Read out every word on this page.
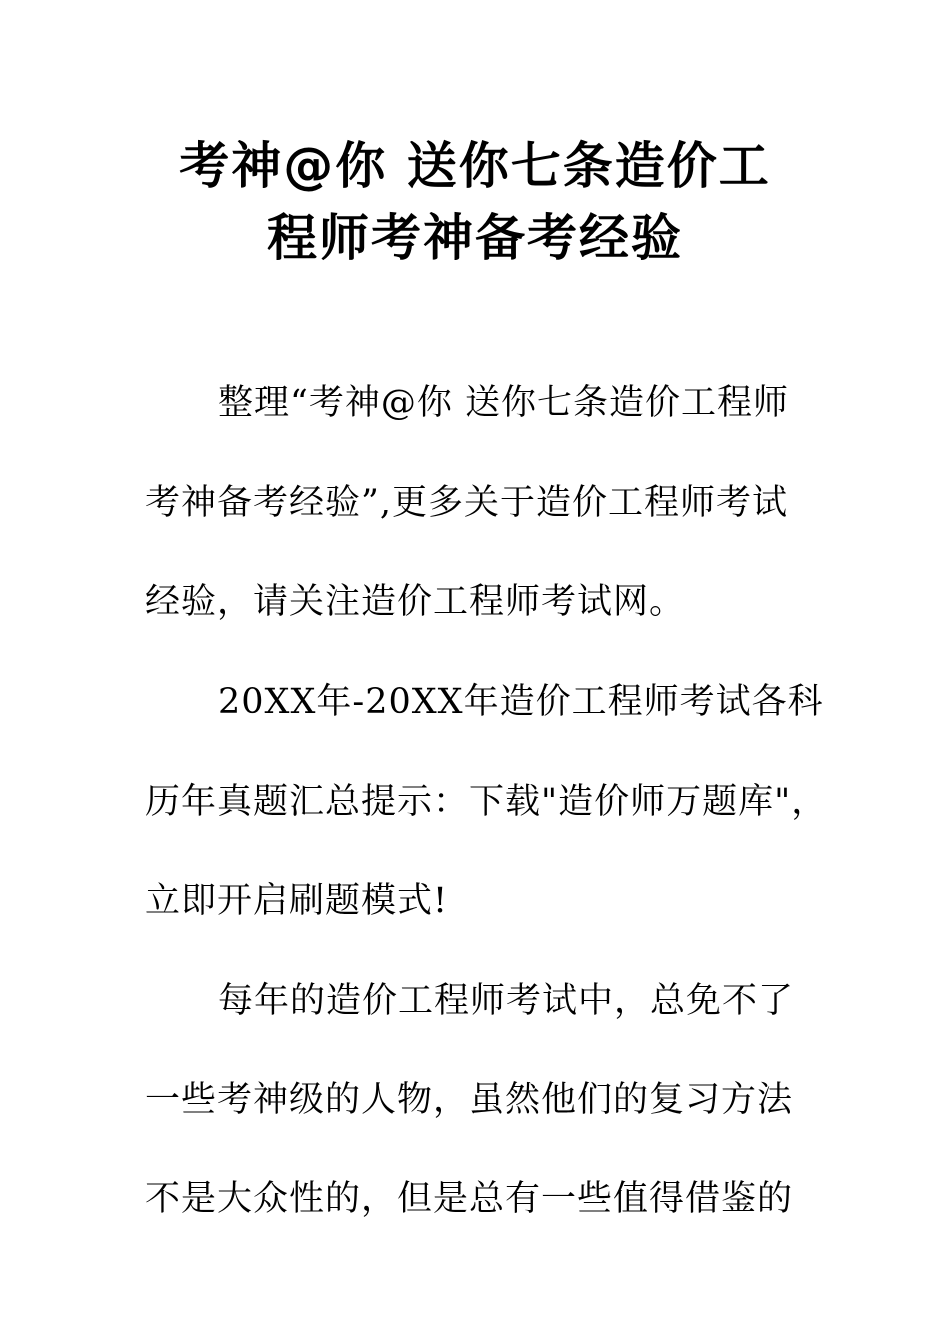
考神@你 送你七条造价工
程师考神备考经验
整理“考神@你 送你七条造价工程师
考神备考经验”,更多关于造价工程师考试
经验，请关注造价工程师考试网。
20XX年-20XX年造价工程师考试各科
历年真题汇总提示：下载"造价师万题库"，
立即开启刷题模式!
每年的造价工程师考试中，总免不了
一些考神级的人物，虽然他们的复习方法
不是大众性的，但是总有一些值得借鉴的
